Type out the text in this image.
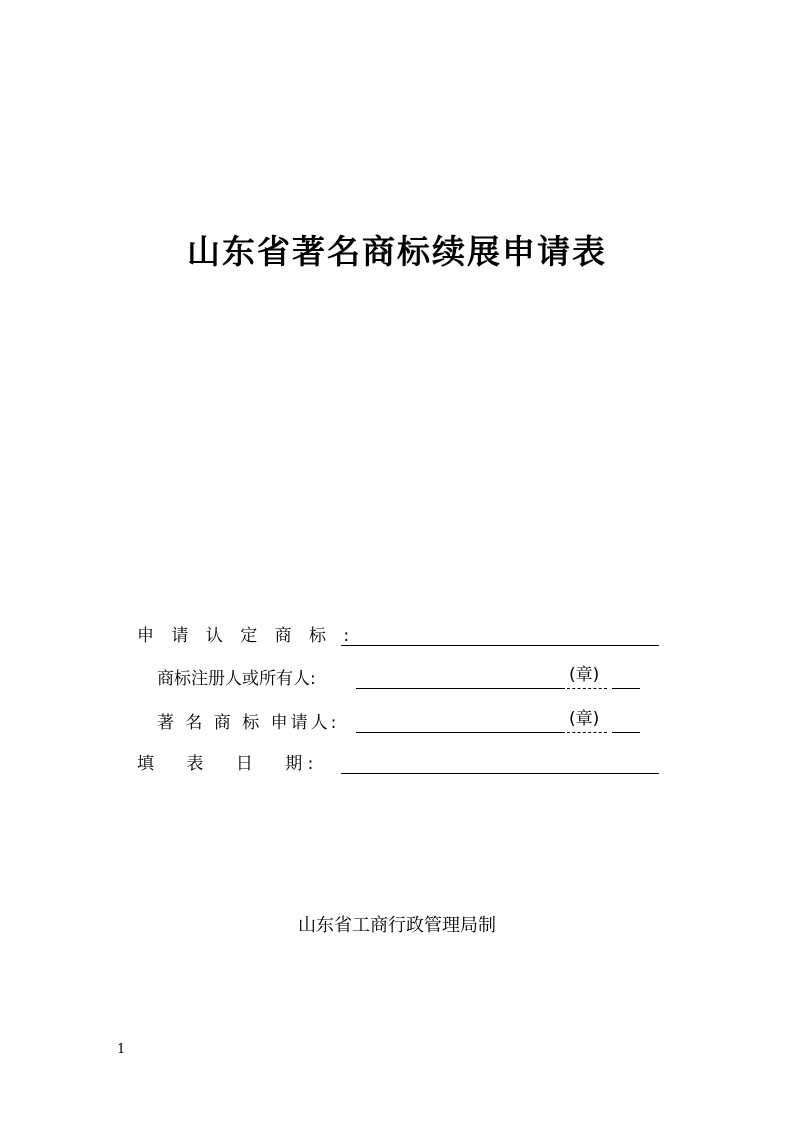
山东省著名商标续展申请表
申 请 认 定 商 标 :
商标注册人或所有人:	(章)
著 名 商 标 申请人:	(章)
填      表      日      期 :
山东省工商行政管理局制
1
